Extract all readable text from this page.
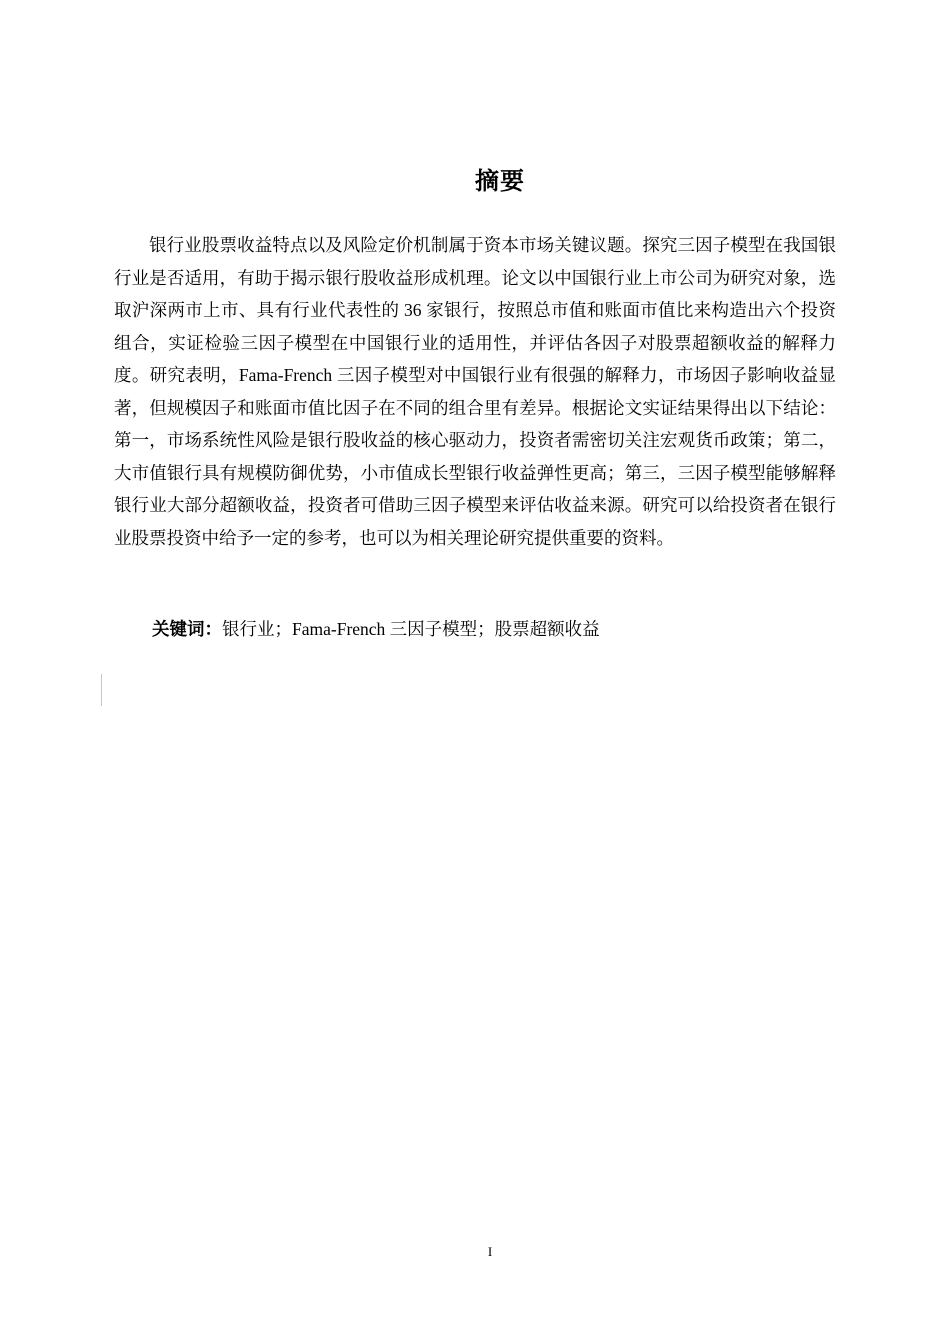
摘要

银行业股票收益特点以及风险定价机制属于资本市场关键议题。探究三因子模型在我国银行业是否适用，有助于揭示银行股收益形成机理。论文以中国银行业上市公司为研究对象，选取沪深两市上市、具有行业代表性的 36 家银行，按照总市值和账面市值比来构造出六个投资组合，实证检验三因子模型在中国银行业的适用性，并评估各因子对股票超额收益的解释力度。研究表明，Fama-French 三因子模型对中国银行业有很强的解释力，市场因子影响收益显著，但规模因子和账面市值比因子在不同的组合里有差异。根据论文实证结果得出以下结论：第一，市场系统性风险是银行股收益的核心驱动力，投资者需密切关注宏观货币政策；第二，大市值银行具有规模防御优势，小市值成长型银行收益弹性更高；第三，三因子模型能够解释银行业大部分超额收益，投资者可借助三因子模型来评估收益来源。研究可以给投资者在银行业股票投资中给予一定的参考，也可以为相关理论研究提供重要的资料。

关键词：银行业；Fama-French 三因子模型；股票超额收益
I
